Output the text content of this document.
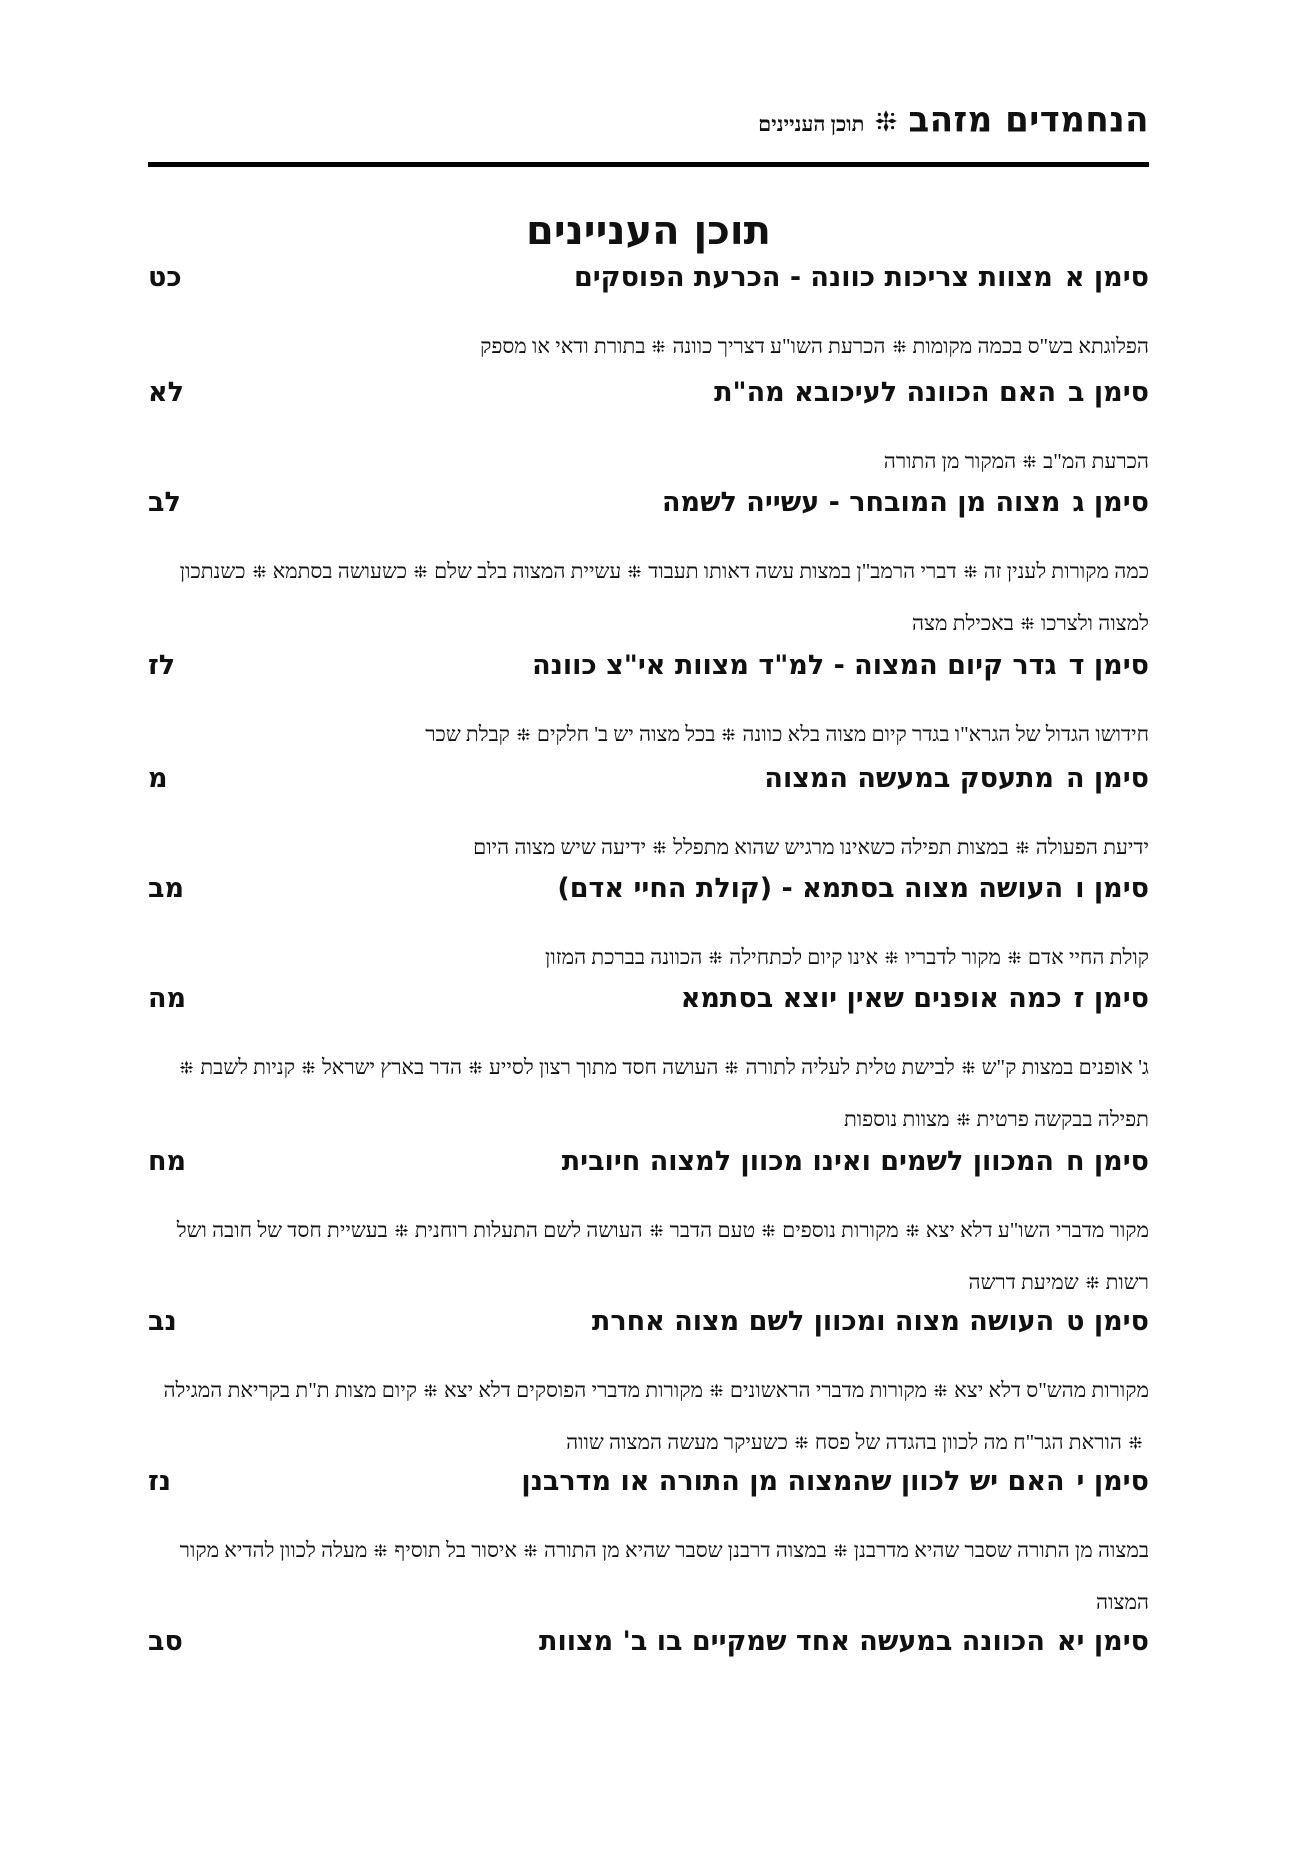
הנחמדים מזהב
תוכן העניינים
תוכן העניינים
סימן אמצוות צריכות כוונה - הכרעת הפוסקים
כט
הפלוגתא בש"ס בכמה מקומותהכרעת השו"ע דצריך כוונהבתורת ודאי או מספק
סימן בהאם הכוונה לעיכובא מה"ת
לא
הכרעת המ"בהמקור מן התורה
סימן גמצוה מן המובחר - עשייה לשמה
לב
כמה מקורות לענין זהדברי הרמב"ן במצות עשה דאותו תעבודעשיית המצוה בלב שלםכשעושה בסתמאכשנתכון למצוה ולצרכובאכילת מצה
סימן דגדר קיום המצוה - למ"ד מצוות אי"צ כוונה
לז
חידושו הגדול של הגרא"ו בגדר קיום מצוה בלא כוונהבכל מצוה יש ב' חלקיםקבלת שכר
סימן המתעסק במעשה המצוה
מ
ידיעת הפעולהבמצות תפילה כשאינו מרגיש שהוא מתפללידיעה שיש מצוה היום
סימן והעושה מצוה בסתמא - (קולת החיי אדם)
מב
קולת החיי אדםמקור לדבריואינו קיום לכתחילההכוונה בברכת המזון
סימן זכמה אופנים שאין יוצא בסתמא
מה
ג' אופנים במצות ק"שלבישת טלית לעליה לתורההעושה חסד מתוך רצון לסייעהדר בארץ ישראלקניות לשבתתפילה בבקשה פרטיתמצוות נוספות
סימן חהמכוון לשמים ואינו מכוון למצוה חיובית
מח
מקור מדברי השו"ע דלא יצאמקורות נוספיםטעם הדברהעושה לשם התעלות רוחניתבעשיית חסד של חובה ושל רשותשמיעת דרשה
סימן טהעושה מצוה ומכוון לשם מצוה אחרת
נב
מקורות מהש"ס דלא יצאמקורות מדברי הראשוניםמקורות מדברי הפוסקים דלא יצאקיום מצות ת"ת בקריאת המגילההוראת הגר"ח מה לכוון בהגדה של פסחכשעיקר מעשה המצוה שווה
סימן יהאם יש לכוון שהמצוה מן התורה או מדרבנן
נז
במצוה מן התורה שסבר שהיא מדרבנןבמצוה דרבנן שסבר שהיא מן התורהאיסור בל תוסיףמעלה לכוון להדיא מקור המצוה
סימן יאהכוונה במעשה אחד שמקיים בו ב' מצוות
סב
